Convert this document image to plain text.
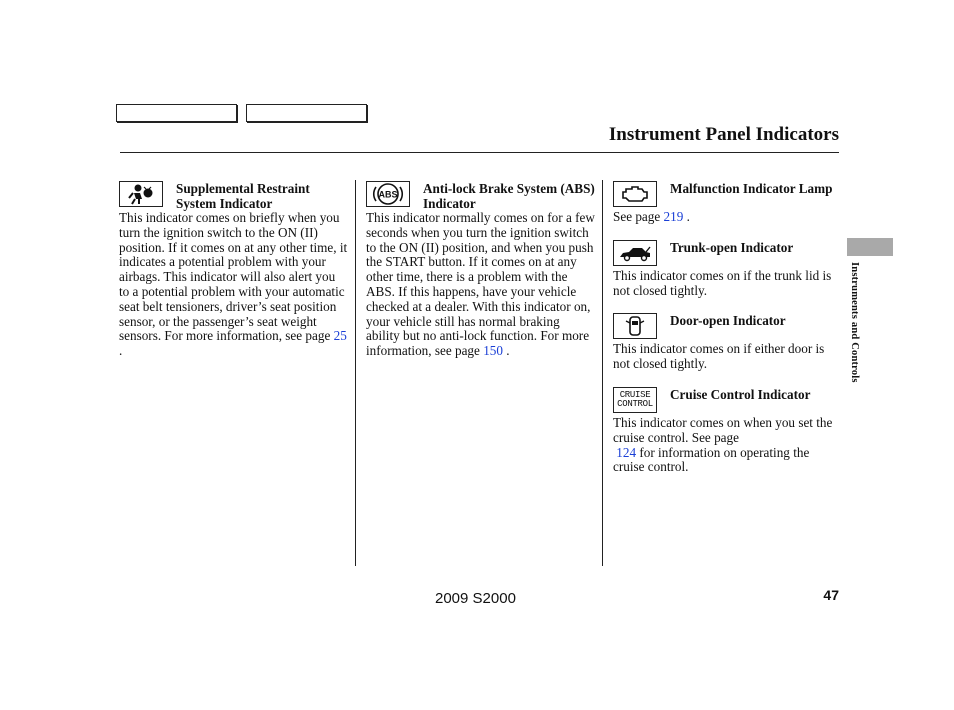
Instrument Panel Indicators
Supplemental Restraint System Indicator

This indicator comes on briefly when you turn the ignition switch to the ON (II) position. If it comes on at any other time, it indicates a potential problem with your airbags. This indicator will also alert you to a potential problem with your automatic seat belt tensioners, driver’s seat position sensor, or the passenger’s seat weight sensors. For more information, see page 25 .

ABS Anti-lock Brake System (ABS) Indicator

This indicator normally comes on for a few seconds when you turn the ignition switch to the ON (II) position, and when you push the START button. If it comes on at any other time, there is a problem with the ABS. If this happens, have your vehicle checked at a dealer. With this indicator on, your vehicle still has normal braking ability but no anti-lock function. For more information, see page 150 .

Malfunction Indicator Lamp

See page 219 .

Trunk-open Indicator

This indicator comes on if the trunk lid is not closed tightly.

Door-open Indicator

This indicator comes on if either door is not closed tightly.

CRUISE
CONTROL
Cruise Control Indicator

This indicator comes on when you set the cruise control. See page
124 for information on operating the cruise control.

Instruments and Controls
2009 S2000	47
